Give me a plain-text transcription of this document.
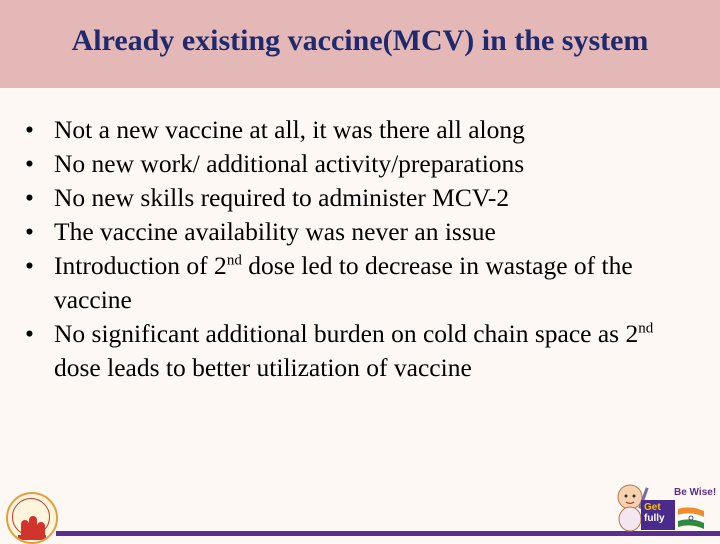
Already existing vaccine(MCV) in the system
• Not a new vaccine at all, it was there all along
• No new work/ additional activity/preparations
• No new skills required to administer MCV-2
• The vaccine availability was never an issue
• Introduction of 2nd dose led to decrease in wastage of the vaccine
• No significant additional burden on cold chain space as 2nd dose leads to better utilization of vaccine
Get
fully
Be Wise!
